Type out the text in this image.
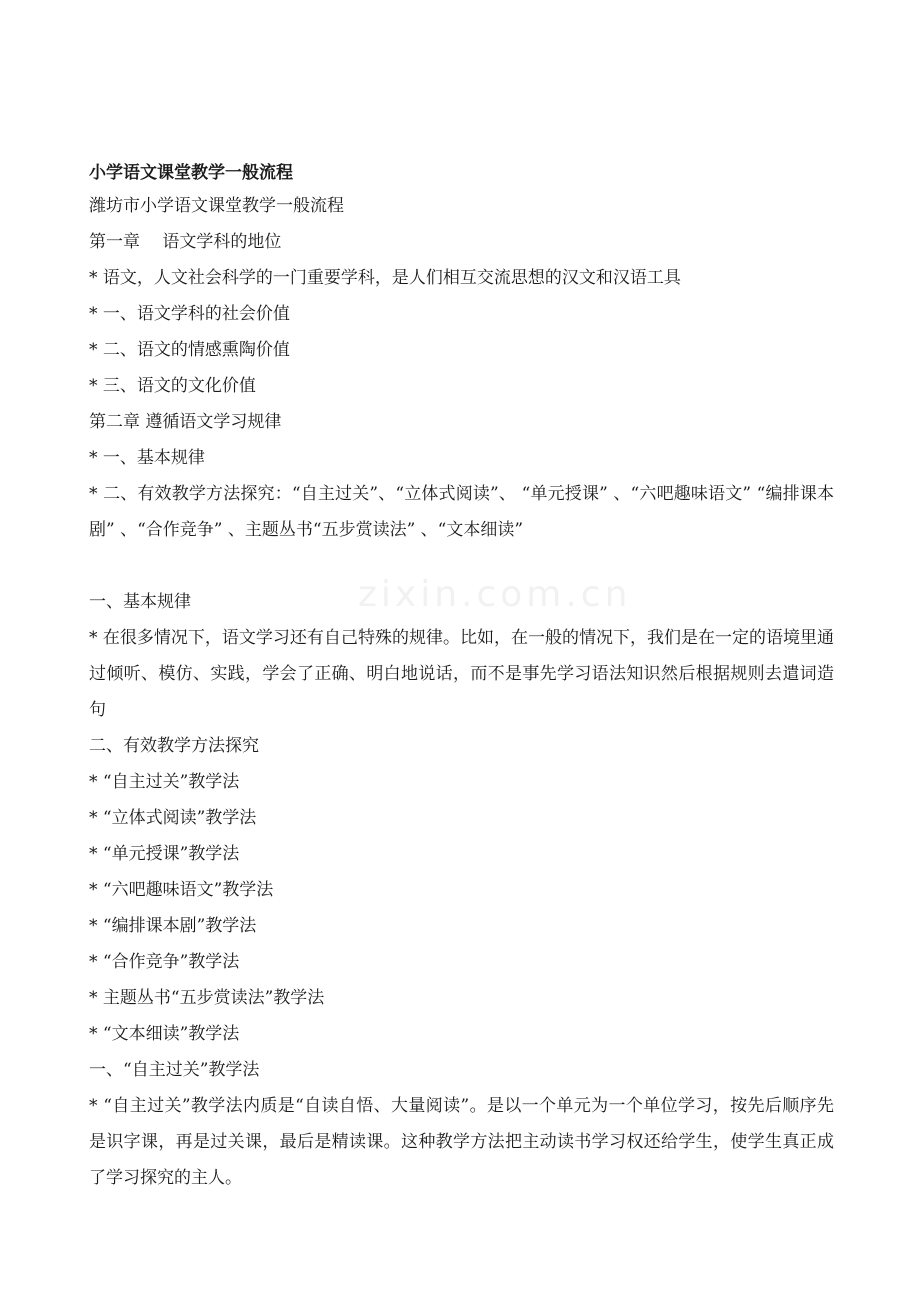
zixin.com.cn
小学语文课堂教学一般流程
潍坊市小学语文课堂教学一般流程
第一章　 语文学科的地位
* 语文，人文社会科学的一门重要学科，是人们相互交流思想的汉文和汉语工具
* 一、语文学科的社会价值
* 二、语文的情感熏陶价值
* 三、语文的文化价值
第二章 遵循语文学习规律
* 一、基本规律
* 二、有效教学方法探究：“自主过关”、“立体式阅读”、 “单元授课” 、“六吧趣味语文” “编排课本剧” 、“合作竞争” 、主题丛书“五步赏读法” 、“文本细读”
一、基本规律
* 在很多情况下，语文学习还有自己特殊的规律。比如，在一般的情况下，我们是在一定的语境里通过倾听、模仿、实践，学会了正确、明白地说话，而不是事先学习语法知识然后根据规则去遣词造句
二、有效教学方法探究
* “自主过关”教学法
* “立体式阅读”教学法
* “单元授课”教学法
* “六吧趣味语文”教学法
* “编排课本剧”教学法
* “合作竞争”教学法
* 主题丛书“五步赏读法”教学法
* “文本细读”教学法
一、“自主过关”教学法
* “自主过关”教学法内质是“自读自悟、大量阅读”。是以一个单元为一个单位学习，按先后顺序先是识字课，再是过关课，最后是精读课。这种教学方法把主动读书学习权还给学生，使学生真正成了学习探究的主人。
